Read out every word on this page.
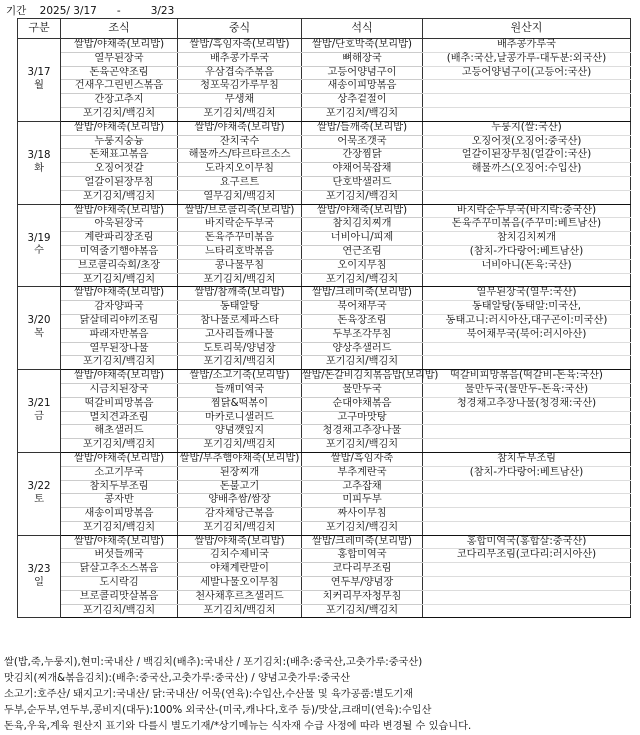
기간 2025/ 3/17 -	3/23
구분	조식	중식	석식	원산지

3/17
월	쌀밥/야채죽(보리밥)	쌀밥/흑임자죽(보리밥)	쌀밥/단호박죽(보리밥)	배추콩가루국
	열무된장국	배추콩가루국	뼈해장국	(배추:국산,날콩가루-대두분:외국산)
	돈육곤약조림	우삼겹숙주볶음	고등어양념구이	고등어양념구이(고등어:국산)
	건새우그린빈스볶음	청포묵김가루무침	새송이피망볶음	
	간장고추지	무생채	상추겉절이	
	포기김치/백김치	포기김치/백김치	포기김치/백김치	

3/18
화	쌀밥/야채죽(보리밥)	쌀밥/야채죽(보리밥)	쌀밥/들깨죽(보리밥)	누룽지(쌀:국산)
	누룽지숭늉	잔치국수	어묵조갯국	오징어젓(오징어:중국산)
	돈채표고볶음	해물까스/타르타르소스	간장찜닭	얼갈이된장무침(얼갈이:국산)
	오징어젓갈	도라지오이무침	야채어묵잡채	해물까스(오징어:수입산)
	얼갈이된장무침	요구르트	단호박샐러드	
	포기김치/백김치	열무김치/백김치	포기김치/백김치	

3/19
수	쌀밥/야채죽(보리밥)	쌀밥/브로콜리죽(보리밥)	쌀밥/야채죽(보리밥)	바지락순두부국(바지락:중국산)
	아욱된장국	바지락순두부국	참치김치찌개	돈육주꾸미볶음(주꾸미:베트남산)
	계란파리장조림	돈육주꾸미볶음	너비아니/피제	참치김치찌개
	미역줄기햄야볶음	느타리호박볶음	연근조림	(참치-가다랑어:베트남산)
	브로콜리숙회/초장	콩나물무침	오이지무침	너비아니(돈육:국산)
	포기김치/백김치	포기김치/백김치	포기김치/백김치	

3/20
목	쌀밥/야채죽(보리밥)	쌀밥/참깨죽(보리밥)	쌀밥/크레미죽(보리밥)	열무된장국(열무:국산)
	감자양파국	동태알탕	북어채무국	동태알탕(동태알:미국산,
	닭살데리야끼조림	참나물로제파스타	돈육장조림	동태고니:러시아산,대구곤이:미국산)
	파래자반볶음	고사리들깨나물	두부조각무침	북어채무국(북어:러시아산)
	열무된장나물	도토리묵/양념장	양상추샐러드	
	포기김치/백김치	포기김치/백김치	포기김치/백김치	

3/21
금	쌀밥/야채죽(보리밥)	쌀밥/소고기죽(보리밥)	쌀밥/돈갈비김치볶음밥(보리밥)	떡갈비피망볶음(떡갈비-돈육:국산)
	시금치된장국	들깨미역국	물만두국	물만두국(물만두-돈육:국산)
	떡갈비피망볶음	찜닭&떡볶이	순대야채볶음	청경채고추장나물(청경채:국산)
	멸치견과조림	마카로니샐러드	고구마맛탕	
	해초샐러드	양념깻잎지	청경채고추장나물	
	포기김치/백김치	포기김치/백김치	포기김치/백김치	

3/22
토	쌀밥/야채죽(보리밥)	쌀밥/부추햄야채죽(보리밥)	쌀밥/흑임자죽	참치두부조림
	소고기무국	된장찌개	부추계란국	(참치-가다랑어:베트남산)
	참치두부조림	돈불고기	고추잡채	
	콩자반	양배추쌈/쌈장	미피두부	
	새송이피망볶음	감자채당근볶음	짜사이무침	
	포기김치/백김치	포기김치/백김치	포기김치/백김치	

3/23
일	쌀밥/야채죽(보리밥)	쌀밥/야채죽(보리밥)	쌀밥/크레미죽(보리밥)	홍합미역국(홍합살:중국산)
	버섯들깨국	김치수제비국	홍합미역국	코다리무조림(코다리:러시아산)
	닭살고추소스볶음	야채계란말이	코다리무조림	
	도시락김	세발나물오이무침	연두부/양념장	
	브로콜리맛살볶음	천사채후르츠샐러드	치커리무자청무침	
	포기김치/백김치	포기김치/백김치	포기김치/백김치	
쌀(밥,죽,누룽지),현미:국내산 / 백김치(배추):국내산 / 포기김치:(배추:중국산,고춧가루:중국산)
맛김치(찌개&볶음김치):(배추:중국산,고춧가루:중국산) / 양념고춧가루:중국산
소고기:호주산/ 돼지고기:국내산/ 닭:국내산/ 어묵(연육):수입산,수산물 및 육가공품:별도기재
두부,순두부,연두부,콩비지(대두):100% 외국산-(미국,캐나다,호주 등)/맛살,크래미(연육):수입산
돈육,우육,계육 원산지 표기와 다를시 별도기재/*상기메뉴는 식자재 수급 사정에 따라 변경될 수 있습니다.
